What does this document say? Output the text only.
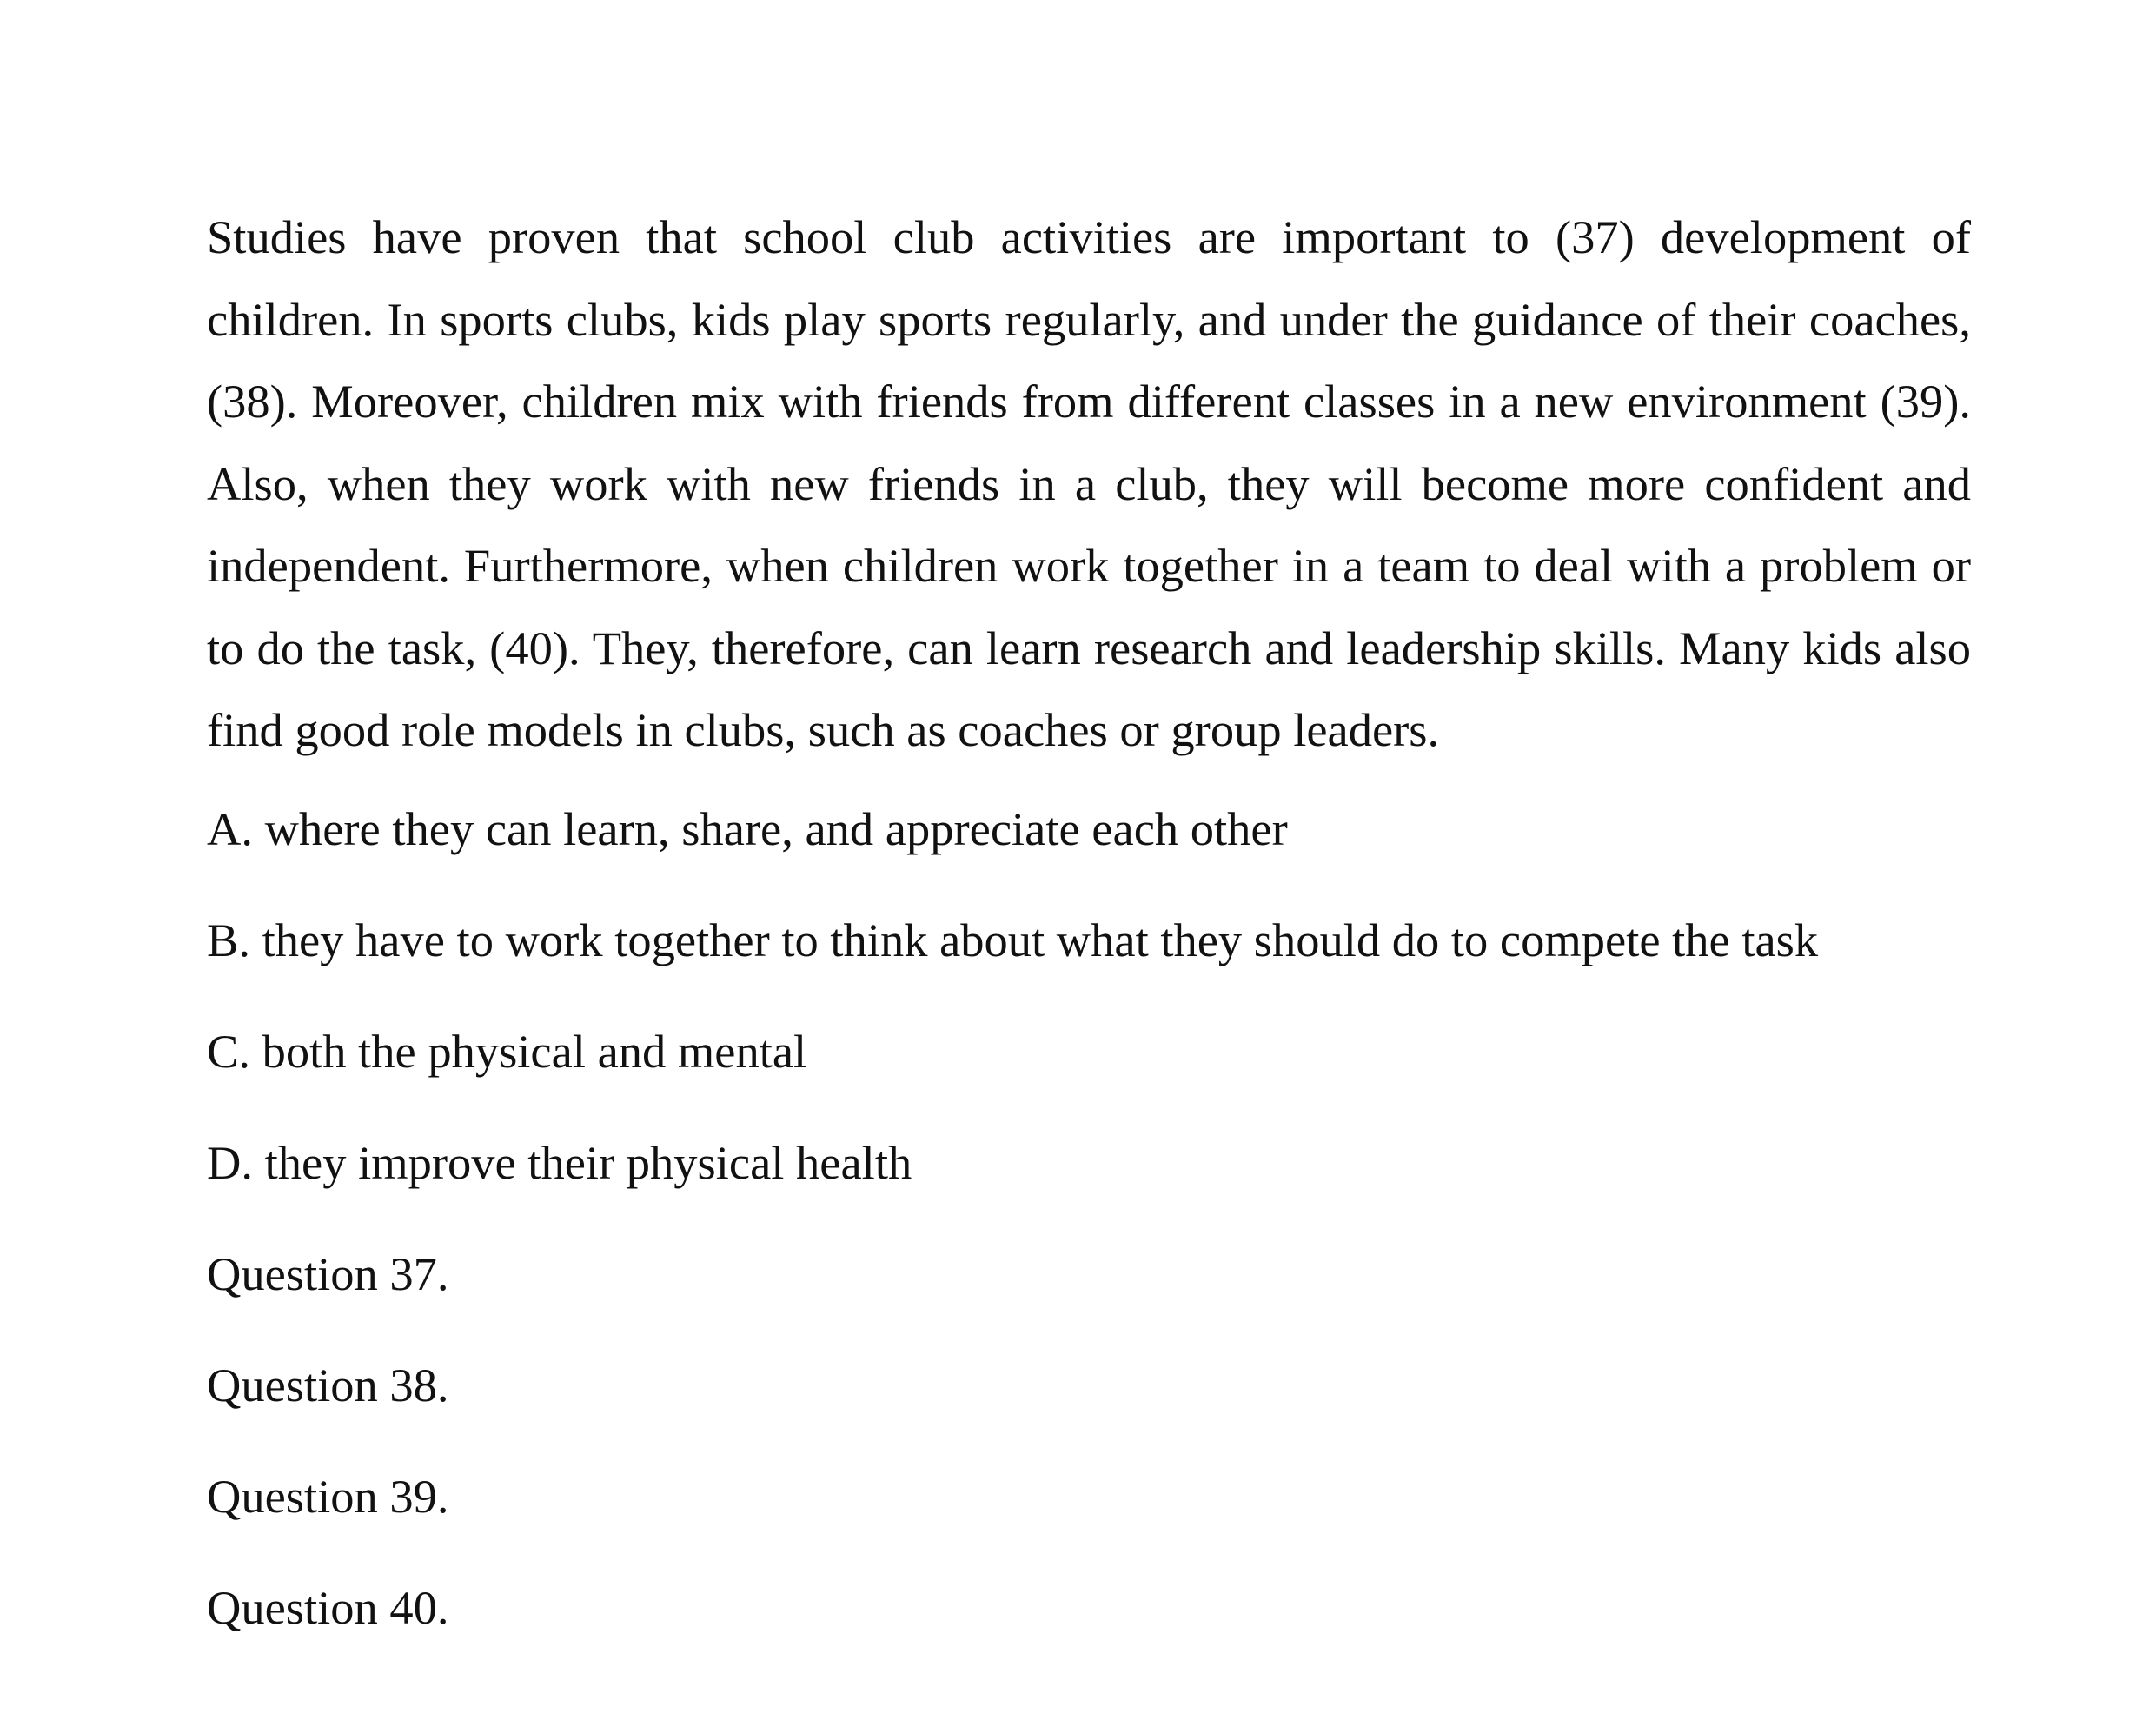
Studies have proven that school club activities are important to (37) development of children. In sports clubs, kids play sports regularly, and under the guidance of their coaches, (38). Moreover, children mix with friends from different classes in a new environment (39). Also, when they work with new friends in a club, they will become more confident and independent. Furthermore, when children work together in a team to deal with a problem or to do the task, (40). They, therefore, can learn research and leadership skills. Many kids also find good role models in clubs, such as coaches or group leaders.

A. where they can learn, share, and appreciate each other
B. they have to work together to think about what they should do to compete the task
C. both the physical and mental
D. they improve their physical health
Question 37.
Question 38.
Question 39.
Question 40.
